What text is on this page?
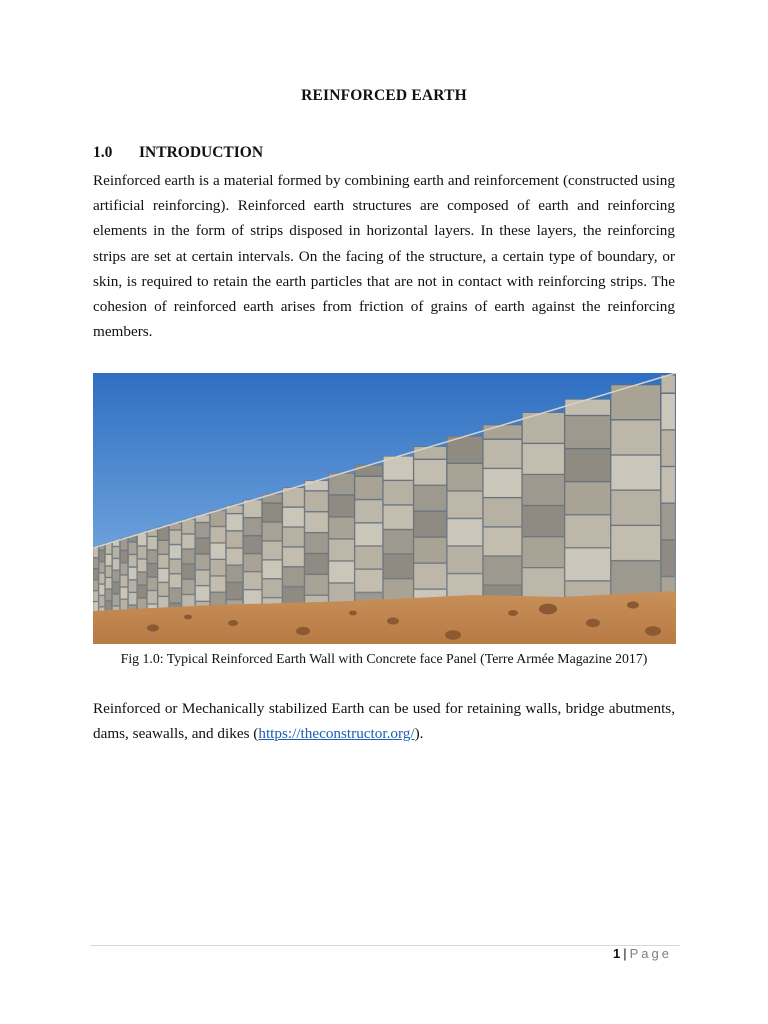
REINFORCED EARTH
1.0 INTRODUCTION

Reinforced earth is a material formed by combining earth and reinforcement (constructed using artificial reinforcing). Reinforced earth structures are composed of earth and reinforcing elements in the form of strips disposed in horizontal layers. In these layers, the reinforcing strips are set at certain intervals. On the facing of the structure, a certain type of boundary, or skin, is required to retain the earth particles that are not in contact with reinforcing strips. The cohesion of reinforced earth arises from friction of grains of earth against the reinforcing members.

Fig 1.0: Typical Reinforced Earth Wall with Concrete face Panel (Terre Armée Magazine 2017)

Reinforced or Mechanically stabilized Earth can be used for retaining walls, bridge abutments, dams, seawalls, and dikes (https://theconstructor.org/).

1 | Page
